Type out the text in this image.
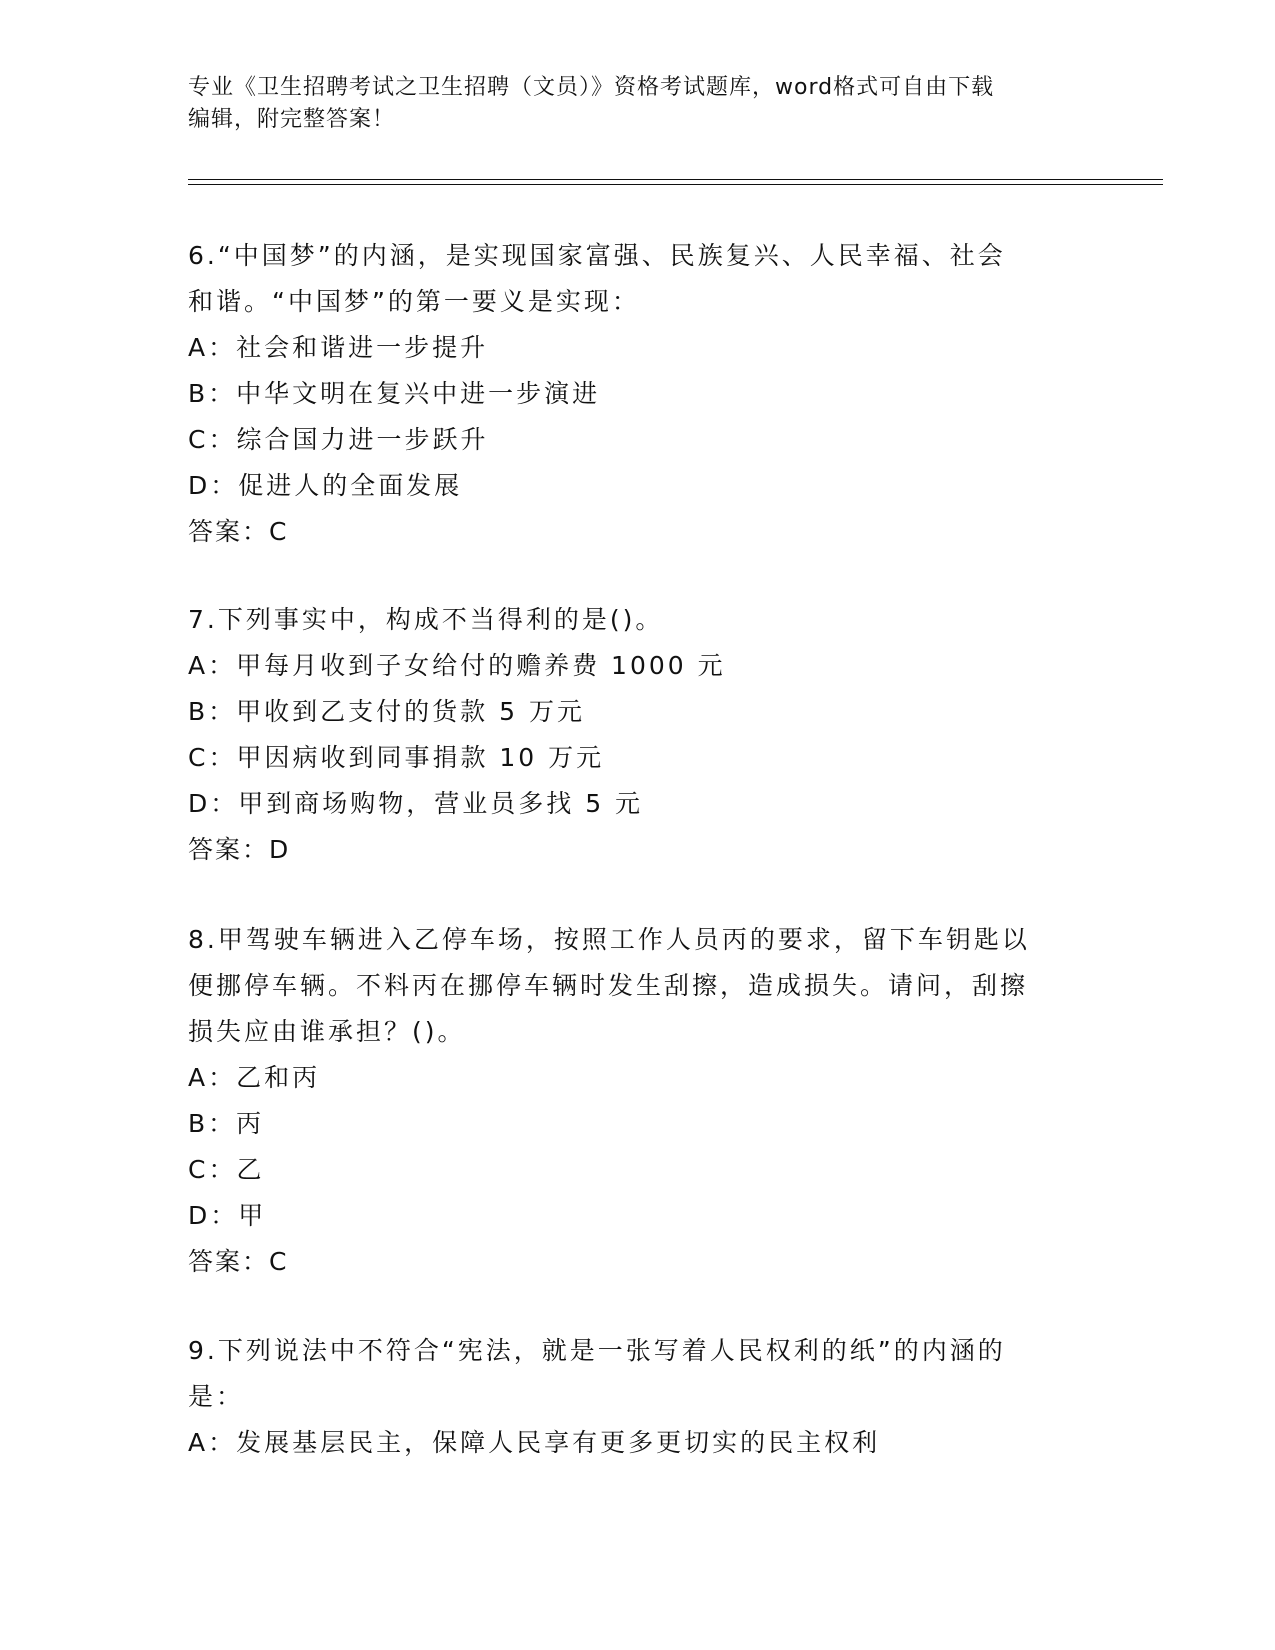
专业《卫生招聘考试之卫生招聘（文员）》资格考试题库，word格式可自由下载
编辑，附完整答案！
6.“中国梦”的内涵，是实现国家富强、民族复兴、人民幸福、社会
和谐。“中国梦”的第一要义是实现：
A：社会和谐进一步提升
B：中华文明在复兴中进一步演进
C：综合国力进一步跃升
D：促进人的全面发展
答案：C
7.下列事实中，构成不当得利的是()。
A：甲每月收到子女给付的赡养费 1000 元
B：甲收到乙支付的货款 5 万元
C：甲因病收到同事捐款 10 万元
D：甲到商场购物，营业员多找 5 元
答案：D
8.甲驾驶车辆进入乙停车场，按照工作人员丙的要求，留下车钥匙以
便挪停车辆。不料丙在挪停车辆时发生刮擦，造成损失。请问，刮擦
损失应由谁承担？()。
A：乙和丙
B：丙
C：乙
D：甲
答案：C
9.下列说法中不符合“宪法，就是一张写着人民权利的纸”的内涵的
是：
A：发展基层民主，保障人民享有更多更切实的民主权利
